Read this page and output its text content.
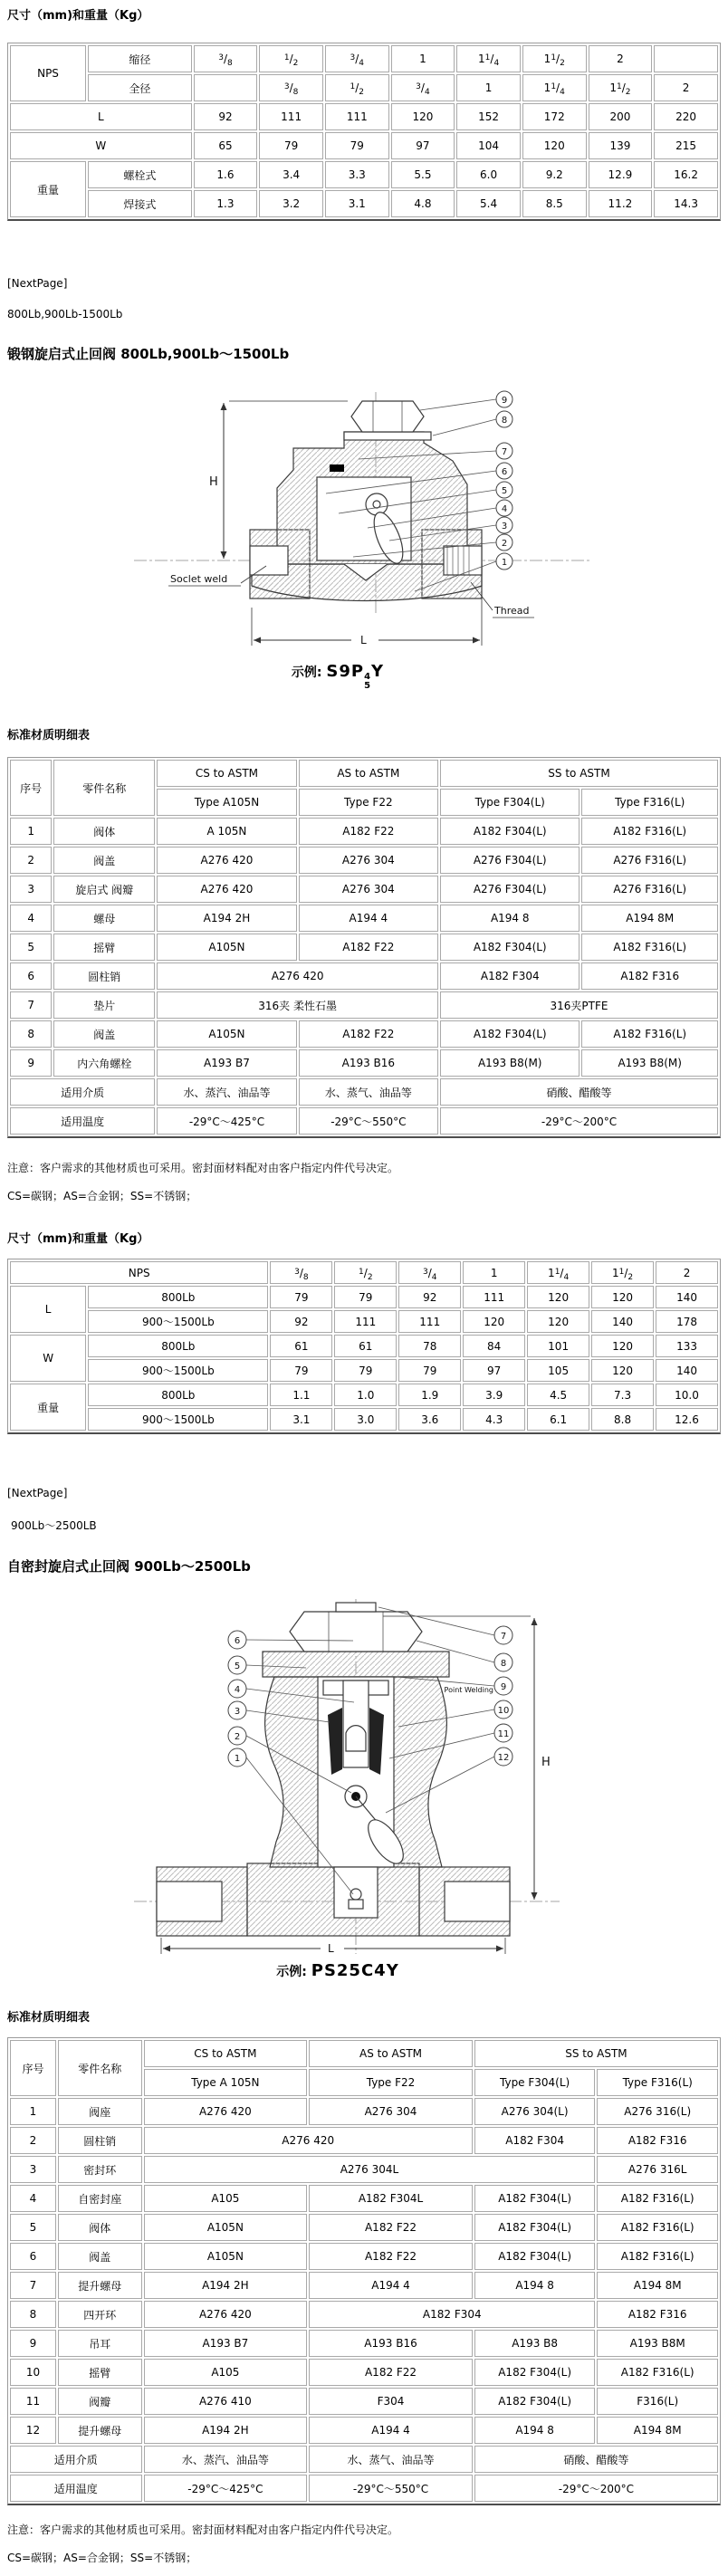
尺寸（mm)和重量（Kg）

NPS	缩径	$^3/_8$	$^1/_2$	$^3/_4$	1	$1^1/_4$	$1^1/_2$	2	
	全径		$^3/_8$	$^1/_2$	$^3/_4$	1	$1^1/_4$	$1^1/_2$	2
L		92	111	111	120	152	172	200	220
W		65	79	79	97	104	120	139	215
重量	螺栓式	1.6	3.4	3.3	5.5	6.0	9.2	12.9	16.2
	焊接式	1.3	3.2	3.1	4.8	5.4	8.5	11.2	14.3

[NextPage]

800Lb,900Lb-1500Lb

锻钢旋启式止回阀 800Lb,900Lb～1500Lb

H
L
Soclet weld
Thread
9
8
7
6
5
4
3
2
1
示例: S9P 4
5
Y

标准材质明细表

序号	零件名称	CS to ASTM	AS to ASTM	SS to ASTM	
		Type A105N	Type F22	Type F304(L)	Type F316(L)
1	阀体	A 105N	A182 F22	A182 F304(L)	A182 F316(L)
2	阀盖	A276 420	A276 304	A276 F304(L)	A276 F316(L)
3	旋启式 阀瓣	A276 420	A276 304	A276 F304(L)	A276 F316(L)
4	螺母	A194 2H	A194 4	A194 8	A194 8M
5	摇臂	A105N	A182 F22	A182 F304(L)	A182 F316(L)
6	圆柱销	A276 420		A182 F304	A182 F316
7	垫片	316夹 柔性石墨		316夹PTFE	
8	阀盖	A105N	A182 F22	A182 F304(L)	A182 F316(L)
9	内六角螺栓	A193 B7	A193 B16	A193 B8(M)	A193 B8(M)
适用介质		水、蒸汽、油品等	水、蒸气、油品等	硝酸、醋酸等	
适用温度		-29°C～425°C	-29°C～550°C	-29°C～200°C	

注意：客户需求的其他材质也可采用。密封面材料配对由客户指定内件代号决定。

CS=碳钢；AS=合金钢；SS=不锈钢；

尺寸（mm)和重量（Kg）

NPS		$^3/_8$	$^1/_2$	$^3/_4$	1	$1^1/_4$	$1^1/_2$	2
L	800Lb	79	79	92	111	120	120	140
	900～1500Lb	92	111	111	120	120	140	178
W	800Lb	61	61	78	84	101	120	133
	900～1500Lb	79	79	79	97	105	120	140
重量	800Lb	1.1	1.0	1.9	3.9	4.5	7.3	10.0
	900～1500Lb	3.1	3.0	3.6	4.3	6.1	8.8	12.6

[NextPage]

900Lb～2500LB

自密封旋启式止回阀 900Lb～2500Lb

H
L
Point Welding
6
5
4
3
2
1
7
8
9
10
11
12
示例: PS25C4Y

标准材质明细表

序号	零件名称	CS to ASTM	AS to ASTM	SS to ASTM	
		Type A 105N	Type F22	Type F304(L)	Type F316(L)
1	阀座	A276 420	A276 304	A276 304(L)	A276 316(L)
2	圆柱销	A276 420		A182 F304	A182 F316
3	密封环	A276 304L			A276 316L
4	自密封座	A105	A182 F304L	A182 F304(L)	A182 F316(L)
5	阀体	A105N	A182 F22	A182 F304(L)	A182 F316(L)
6	阀盖	A105N	A182 F22	A182 F304(L)	A182 F316(L)
7	提升螺母	A194 2H	A194 4	A194 8	A194 8M
8	四开环	A276 420	A182 F304		A182 F316
9	吊耳	A193 B7	A193 B16	A193 B8	A193 B8M
10	摇臂	A105	A182 F22	A182 F304(L)	A182 F316(L)
11	阀瓣	A276 410	F304	A182 F304(L)	F316(L)
12	提升螺母	A194 2H	A194 4	A194 8	A194 8M
适用介质		水、蒸汽、油品等	水、蒸气、油品等	硝酸、醋酸等	
适用温度		-29°C～425°C	-29°C～550°C	-29°C～200°C	

注意：客户需求的其他材质也可采用。密封面材料配对由客户指定内件代号决定。

CS=碳钢；AS=合金钢；SS=不锈钢；
